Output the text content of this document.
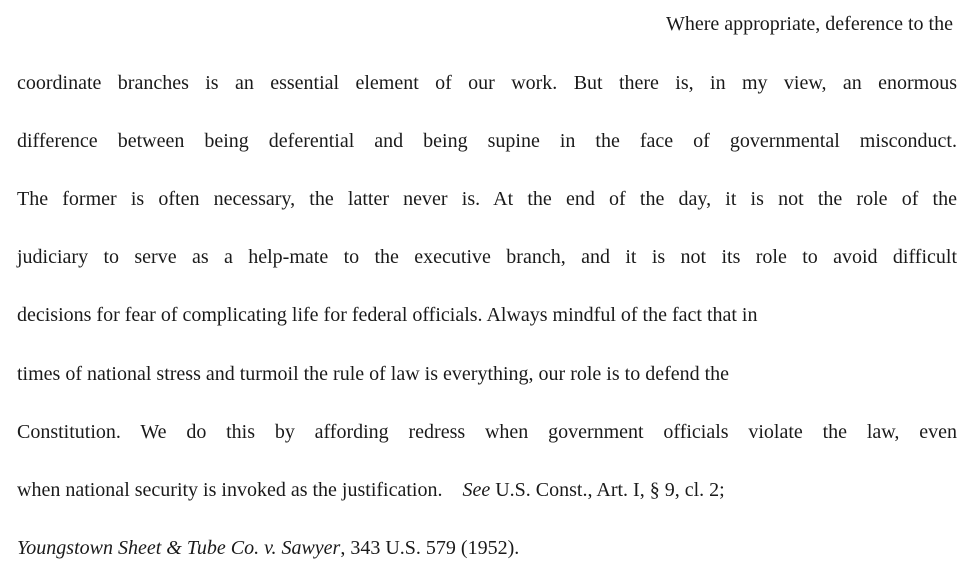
Where appropriate, deference to the
coordinate branches is an essential element of our work. But there is, in my view, an enormous
difference between being deferential and being supine in the face of governmental misconduct.
The former is often necessary, the latter never is. At the end of the day, it is not the role of the
judiciary to serve as a help-mate to the executive branch, and it is not its role to avoid difficult
decisions for fear of complicating life for federal officials. Always mindful of the fact that in
times of national stress and turmoil the rule of law is everything, our role is to defend the
Constitution. We do this by affording redress when government officials violate the law, even
when national security is invoked as the justification. See U.S. Const., Art. I, § 9, cl. 2;
Youngstown Sheet & Tube Co. v. Sawyer, 343 U.S. 579 (1952).
